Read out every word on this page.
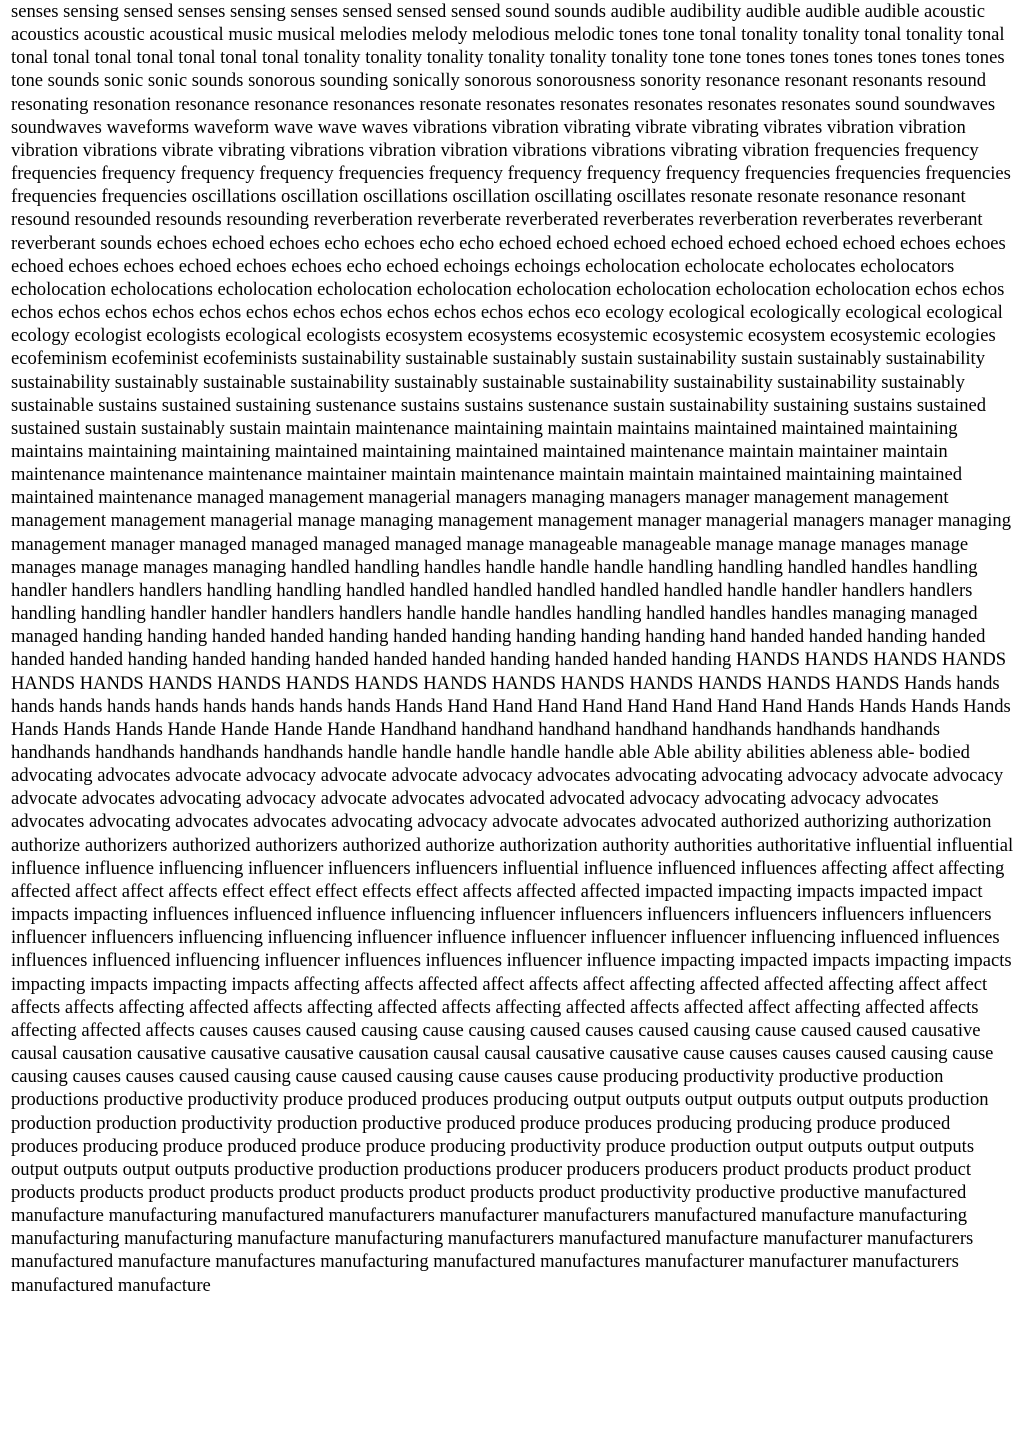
senses sensing sensed senses sensing senses sensed sensed sensed sound sounds audible audibility audible audible audible acoustic acoustics acoustic acoustical music musical melodies melody melodious melodic tones tone tonal tonality tonality tonal tonality tonal tonal tonal tonal tonal tonal tonal tonal tonality tonality tonality tonality tonality tonality tone tone tones tones tones tones tones tones tone sounds sonic sonic sounds sonorous sounding sonically sonorous sonorousness sonority resonance resonant resonants resound resonating resonation resonance resonance resonances resonate resonates resonates resonates resonates resonates sound soundwaves soundwaves waveforms waveform wave wave waves vibrations vibration vibrating vibrate vibrating vibrates vibration vibration vibration vibrations vibrate vibrating vibrations vibration vibration vibrations vibrations vibrating vibration frequencies frequency frequencies frequency frequency frequency frequencies frequency frequency frequency frequency frequencies frequencies frequencies frequencies frequencies oscillations oscillation oscillations oscillation oscillating oscillates resonate resonate resonance resonant resound resounded resounds resounding reverberation reverberate reverberated reverberates reverberation reverberates reverberant reverberant sounds echoes echoed echoes echo echoes echo echo echoed echoed echoed echoed echoed echoed echoed echoes echoes echoed echoes echoes echoed echoes echoes echo echoed echoings echoings echolocation echolocate echolocates echolocators echolocation echolocations echolocation echolocation echolocation echolocation echolocation echolocation echolocation echos echos echos echos echos echos echos echos echos echos echos echos echos echos eco ecology ecological ecologically ecological ecological ecology ecologist ecologists ecological ecologists ecosystem ecosystems ecosystemic ecosystemic ecosystem ecosystemic ecologies ecofeminism ecofeminist ecofeminists sustainability sustainable sustainably sustain sustainability sustain sustainably sustainability sustainability sustainably sustainable sustainability sustainably sustainable sustainability sustainability sustainability sustainably sustainable sustains sustained sustaining sustenance sustains sustains sustenance sustain sustainability sustaining sustains sustained sustained sustain sustainably sustain maintain maintenance maintaining maintain maintains maintained maintained maintaining maintains maintaining maintaining maintained maintaining maintained maintained maintenance maintain maintainer maintain maintenance maintenance maintenance maintainer maintain maintenance maintain maintain maintained maintaining maintained maintained maintenance managed management managerial managers managing managers manager management management management management managerial manage managing management management manager managerial managers manager managing management manager managed managed managed managed manage manageable manageable manage manage manages manage manages manage manages managing handled handling handles handle handle handle handling handling handled handles handling handler handlers handlers handling handling handled handled handled handled handled handled handle handler handlers handlers handling handling handler handler handlers handlers handle handle handles handling handled handles handles managing managed managed handing handing handed handed handing handed handing handing handing handing hand handed handed handing handed handed handed handing handed handing handed handed handed handing handed handed handing HANDS HANDS HANDS HANDS HANDS HANDS HANDS HANDS HANDS HANDS HANDS HANDS HANDS HANDS HANDS HANDS HANDS Hands hands hands hands hands hands hands hands hands hands Hands Hand Hand Hand Hand Hand Hand Hand Hand Hands Hands Hands Hands Hands Hands Hands Hande Hande Hande Hande Handhand handhand handhand handhand handhands handhands handhands handhands handhands handhands handhands handle handle handle handle handle able Able ability abilities ableness able- bodied advocating advocates advocate advocacy advocate advocate advocacy advocates advocating advocating advocacy advocate advocacy advocate advocates advocating advocacy advocate advocates advocated advocated advocacy advocating advocacy advocates advocates advocating advocates advocates advocating advocacy advocate advocates advocated authorized authorizing authorization authorize authorizers authorized authorizers authorized authorize authorization authority authorities authoritative influential influential influence influence influencing influencer influencers influencers influential influence influenced influences affecting affect affecting affected affect affect affects effect effect effect effects effect affects affected affected impacted impacting impacts impacted impact impacts impacting influences influenced influence influencing influencer influencers influencers influencers influencers influencers influencer influencers influencing influencing influencer influence influencer influencer influencer influencing influenced influences influences influenced influencing influencer influences influences influencer influence impacting impacted impacts impacting impacts impacting impacts impacting impacts affecting affects affected affect affects affect affecting affected affected affecting affect affect affects affects affecting affected affects affecting affected affects affecting affected affects affected affect affecting affected affects affecting affected affects causes causes caused causing cause causing caused causes caused causing cause caused caused causative causal causation causative causative causative causation causal causal causative causative cause causes causes caused causing cause causing causes causes caused causing cause caused causing cause causes cause producing productivity productive production productions productive productivity produce produced produces producing output outputs output outputs output outputs production production production productivity production productive produced produce produces producing producing produce produced produces producing produce produced produce produce producing productivity produce production output outputs output outputs output outputs output outputs productive production productions producer producers producers product products product product products products product products product products product products product productivity productive productive manufactured manufacture manufacturing manufactured manufacturers manufacturer manufacturers manufactured manufacture manufacturing manufacturing manufacturing manufacture manufacturing manufacturers manufactured manufacture manufacturer manufacturers manufactured manufacture manufactures manufacturing manufactured manufactures manufacturer manufacturer manufacturers manufactured manufacture
